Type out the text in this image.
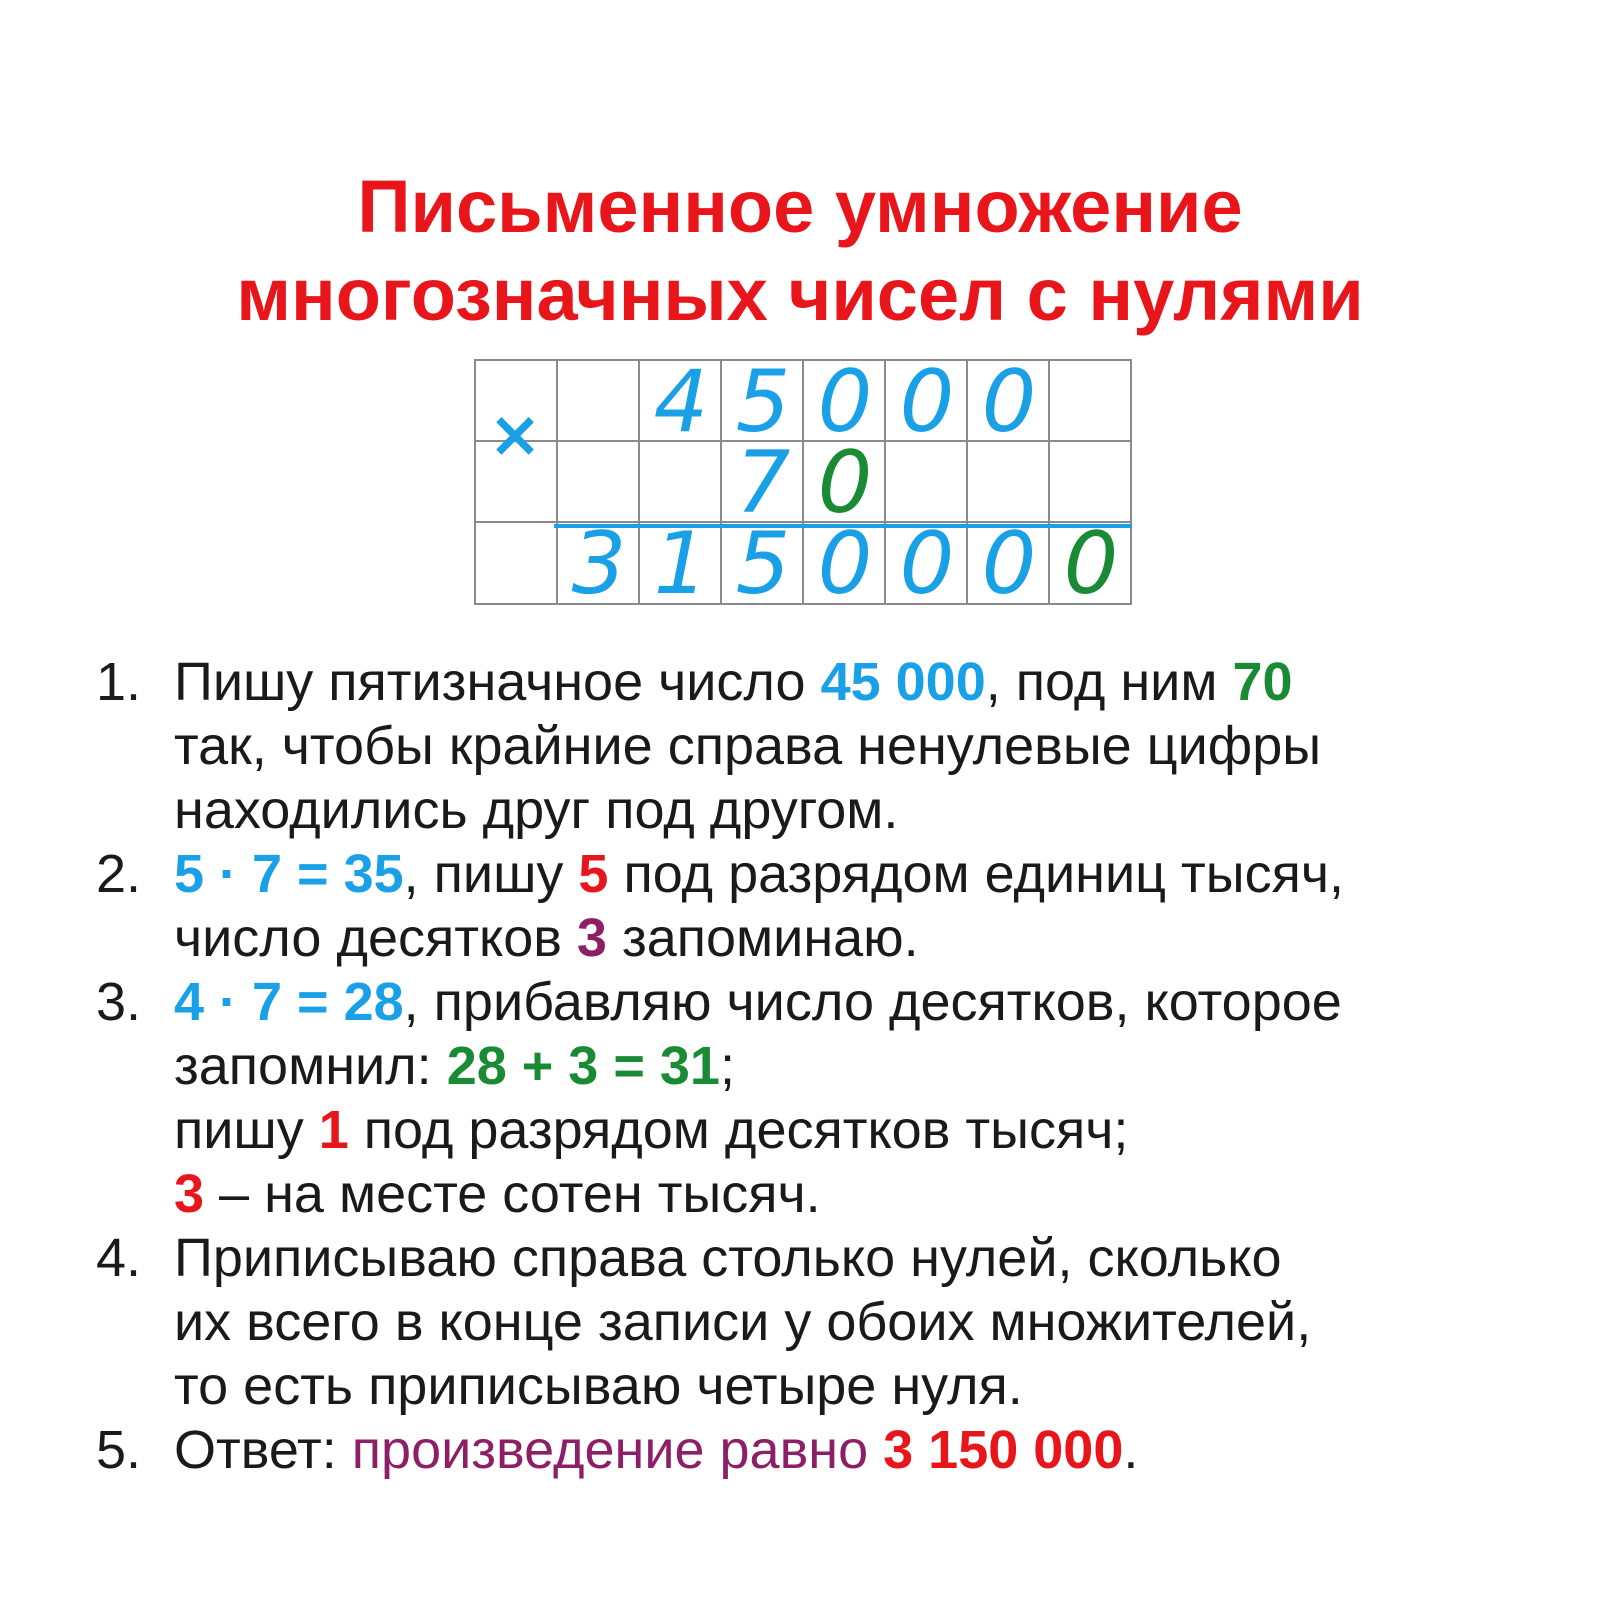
Письменное умножение
многозначных чисел с нулями
× 4 5 0 0 0
7 0
3 1 5 0 0 0 0
1. Пишу пятизначное число 45 000, под ним 70
так, чтобы крайние справа ненулевые цифры
находились друг под другом.
2. 5 · 7 = 35, пишу 5 под разрядом единиц тысяч,
число десятков 3 запоминаю.
3. 4 · 7 = 28, прибавляю число десятков, которое
запомнил: 28 + 3 = 31;
пишу 1 под разрядом десятков тысяч;
3 – на месте сотен тысяч.
4. Приписываю справа столько нулей, сколько
их всего в конце записи у обоих множителей,
то есть приписываю четыре нуля.
5. Ответ: произведение равно 3 150 000.
